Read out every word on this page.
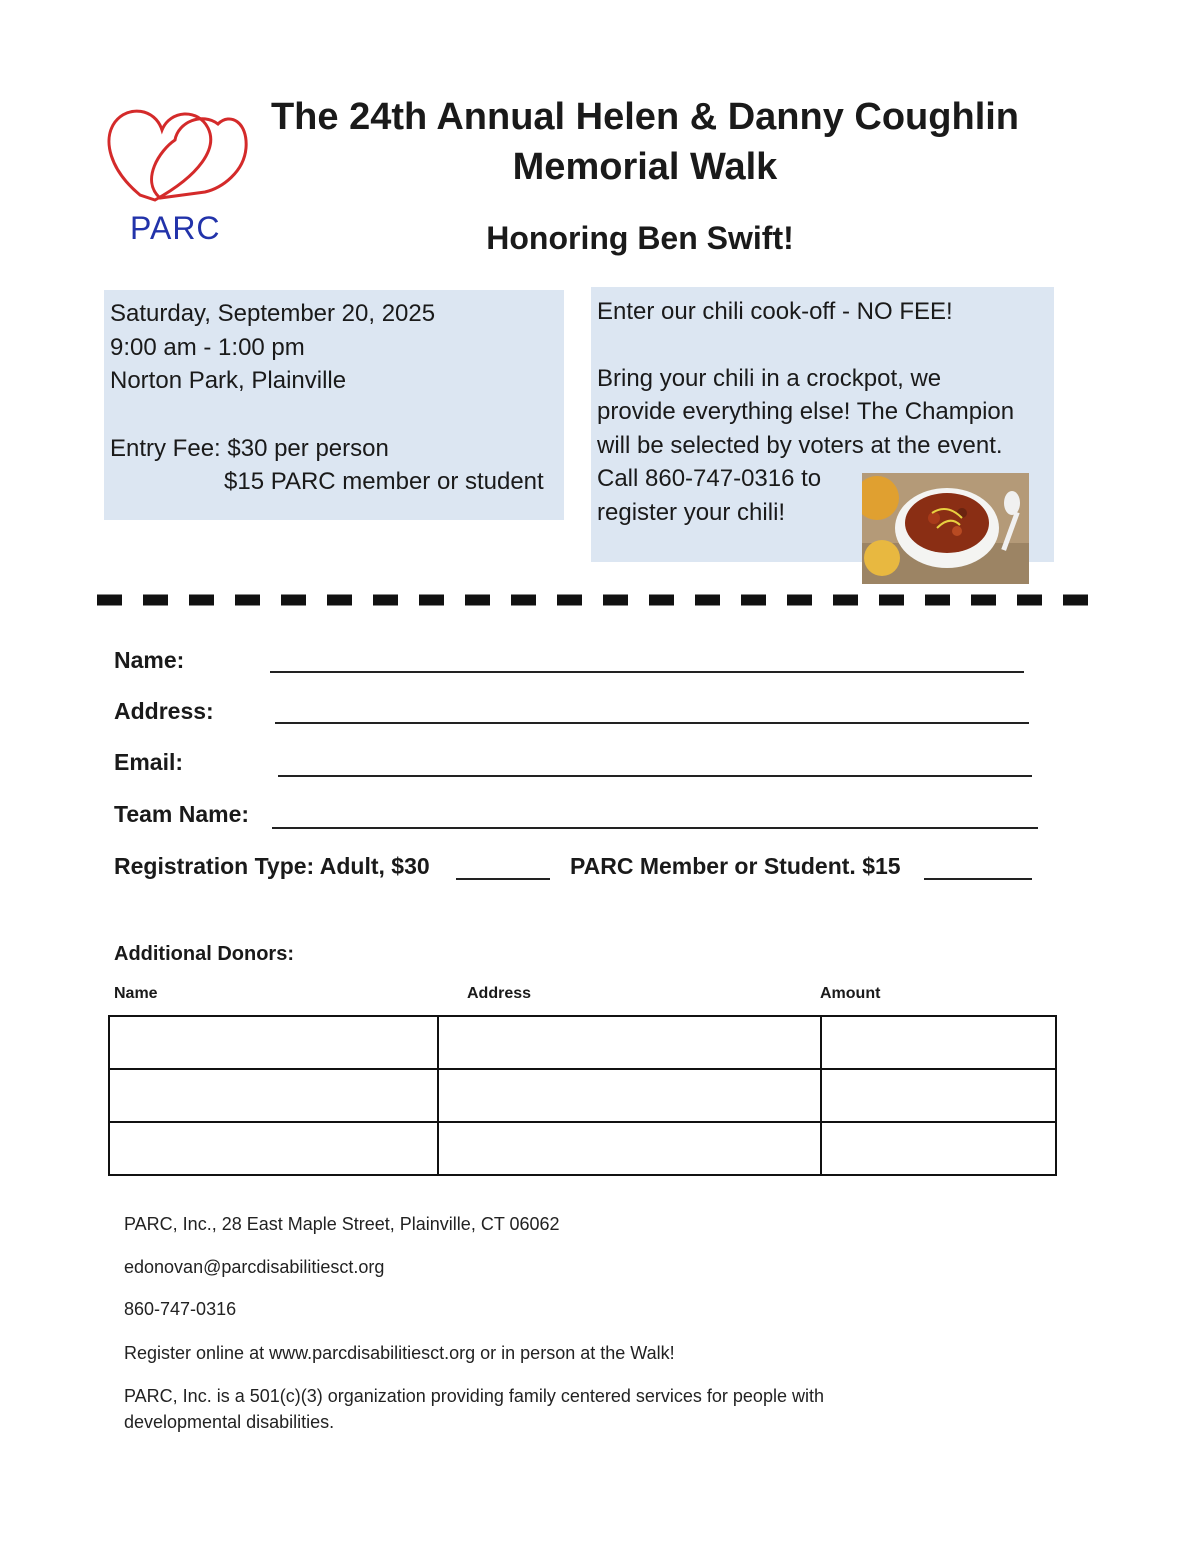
PARC
The 24th Annual Helen & Danny Coughlin
Memorial Walk
Honoring Ben Swift!
Saturday, September 20, 2025
9:00 am - 1:00 pm
Norton Park, Plainville
Entry Fee: $30 per person
$15 PARC member or student
Enter our chili cook-off - NO FEE!
Bring your chili in a crockpot, we
provide everything else! The Champion
will be selected by voters at the event.
Call 860-747-0316 to
register your chili!
Name:
Address:
Email:
Team Name:
Registration Type: Adult, $30	PARC Member or Student. $15
Additional Donors:
Name	Address	Amount

PARC, Inc., 28 East Maple Street, Plainville, CT 06062
edonovan@parcdisabilitiesct.org
860-747-0316
Register online at www.parcdisabilitiesct.org or in person at the Walk!
PARC, Inc. is a 501(c)(3) organization providing family centered services for people with
developmental disabilities.
